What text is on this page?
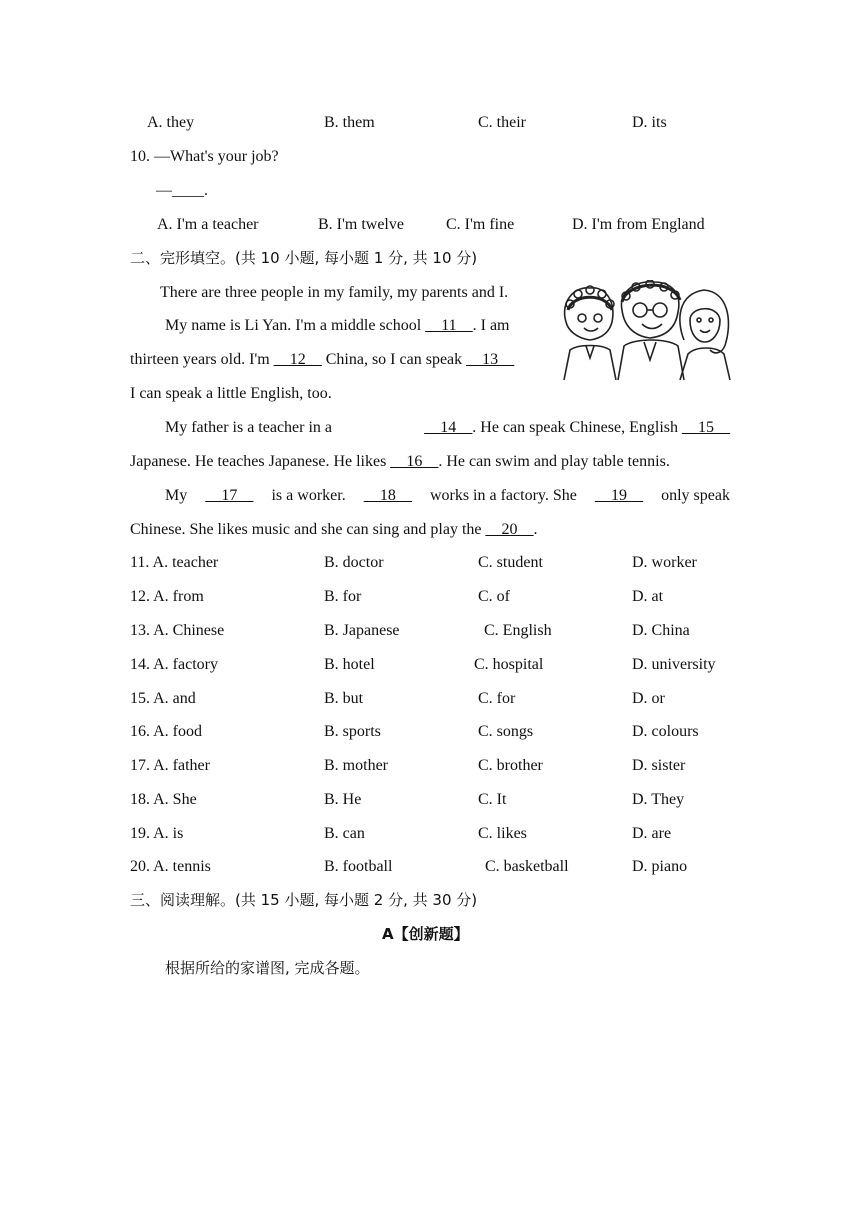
A. they	B. them	C. their	D. its
10. —What's your job?
—____.
A. I'm a teacher	B. I'm twelve	C. I'm fine	D. I'm from England
二、完形填空。(共 10 小题, 每小题 1 分, 共 10 分)
There are three people in my family, my parents and I.
My name is Li Yan. I'm a middle school __11__. I am
thirteen years old. I'm __12__ China, so I can speak __13__
I can speak a little English, too.
My father is a teacher in a	__14__. He can speak Chinese, English __15__
Japanese. He teaches Japanese. He likes __16__. He can swim and play table tennis.
My __17__ is a worker. __18__ works in a factory. She __19__ only speak
Chinese. She likes music and she can sing and play the __20__.
11. A. teacher	B. doctor	C. student	D. worker
12. A. from	B. for	C. of	D. at
13. A. Chinese	B. Japanese	C. English	D. China
14. A. factory	B. hotel	C. hospital	D. university
15. A. and	B. but	C. for	D. or
16. A. food	B. sports	C. songs	D. colours
17. A. father	B. mother	C. brother	D. sister
18. A. She	B. He	C. It	D. They
19. A. is	B. can	C. likes	D. are
20. A. tennis	B. football	C. basketball	D. piano
三、阅读理解。(共 15 小题, 每小题 2 分, 共 30 分)
A【创新题】
根据所给的家谱图, 完成各题。
